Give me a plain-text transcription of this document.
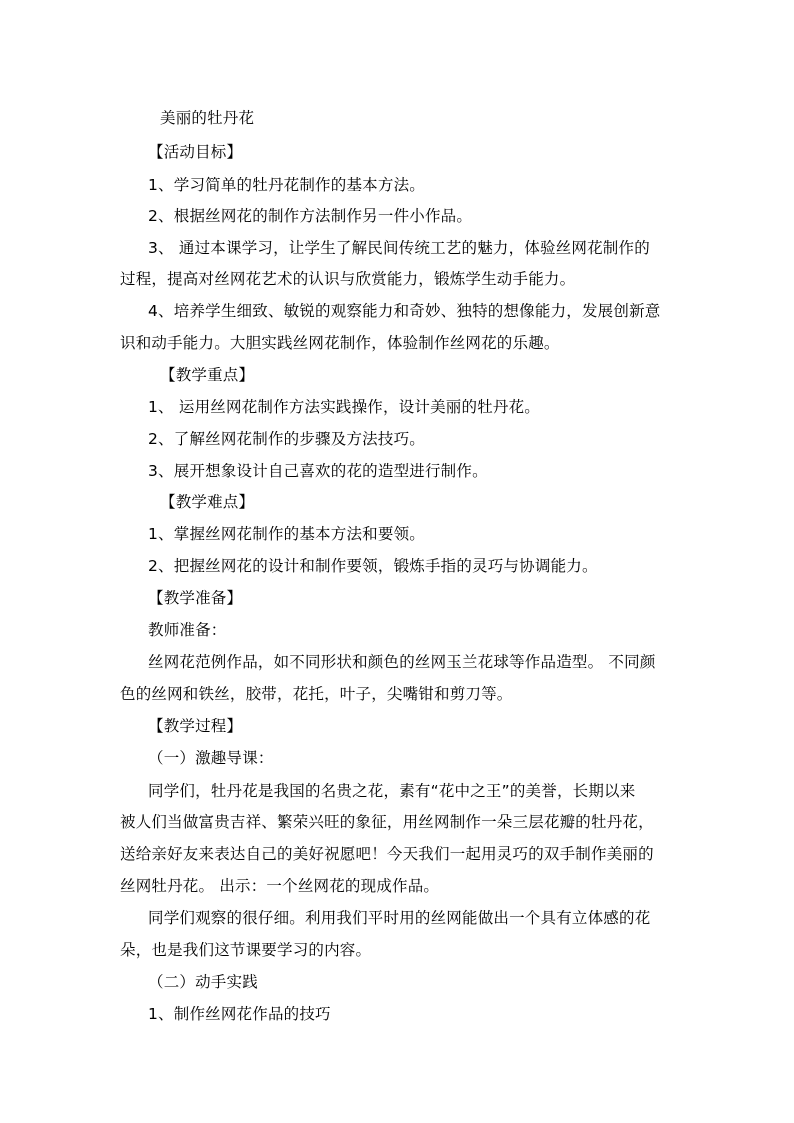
美丽的牡丹花
【活动目标】
1、学习简单的牡丹花制作的基本方法。
2、根据丝网花的制作方法制作另一件小作品。
3、 通过本课学习，让学生了解民间传统工艺的魅力，体验丝网花制作的
过程，提高对丝网花艺术的认识与欣赏能力，锻炼学生动手能力。
4、培养学生细致、敏锐的观察能力和奇妙、独特的想像能力，发展创新意
识和动手能力。大胆实践丝网花制作，体验制作丝网花的乐趣。
【教学重点】
1、 运用丝网花制作方法实践操作，设计美丽的牡丹花。
2、了解丝网花制作的步骤及方法技巧。
3、展开想象设计自己喜欢的花的造型进行制作。
【教学难点】
1、掌握丝网花制作的基本方法和要领。
2、把握丝网花的设计和制作要领，锻炼手指的灵巧与协调能力。
【教学准备】
教师准备：
丝网花范例作品，如不同形状和颜色的丝网玉兰花球等作品造型。 不同颜
色的丝网和铁丝，胶带，花托，叶子，尖嘴钳和剪刀等。
【教学过程】
（一）激趣导课：
同学们，牡丹花是我国的名贵之花，素有“花中之王”的美誉，长期以来
被人们当做富贵吉祥、繁荣兴旺的象征，用丝网制作一朵三层花瓣的牡丹花，
送给亲好友来表达自己的美好祝愿吧！今天我们一起用灵巧的双手制作美丽的
丝网牡丹花。 出示：一个丝网花的现成作品。
同学们观察的很仔细。利用我们平时用的丝网能做出一个具有立体感的花
朵，也是我们这节课要学习的内容。
（二）动手实践
1、制作丝网花作品的技巧
